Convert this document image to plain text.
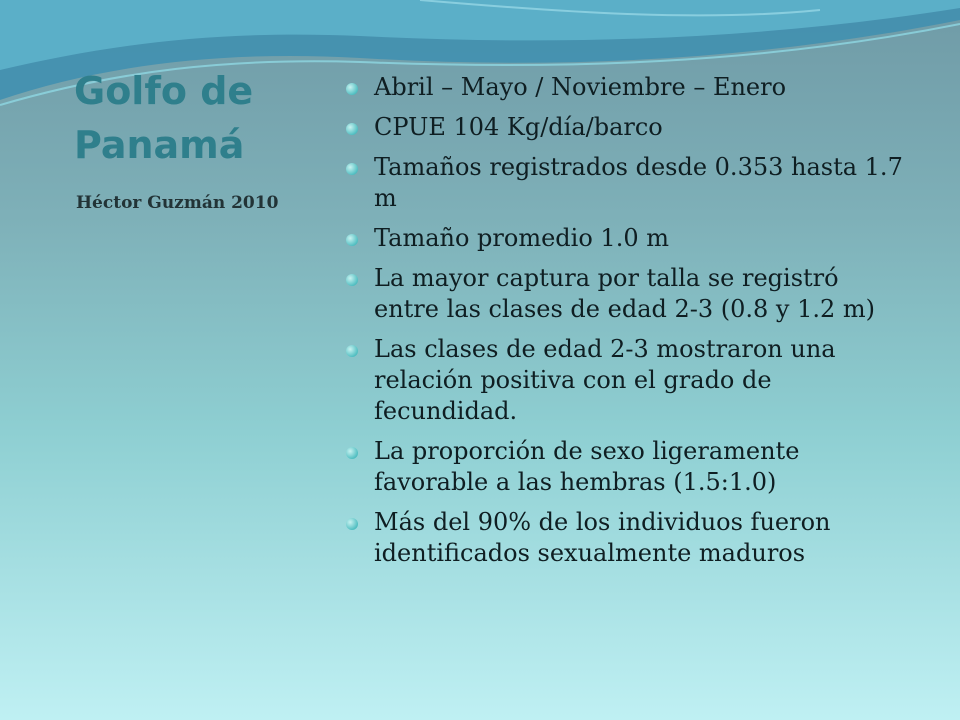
Golfo de Panamá
Héctor Guzmán 2010
Abril – Mayo / Noviembre – Enero
CPUE 104 Kg/día/barco
Tamaños registrados desde 0.353 hasta 1.7 m
Tamaño promedio 1.0 m
La mayor captura por talla se registró entre las clases de edad 2-3 (0.8 y 1.2 m)
Las clases de edad 2-3 mostraron una relación positiva con el grado de fecundidad.
La proporción de sexo ligeramente favorable a las hembras (1.5:1.0)
Más del 90% de los individuos fueron identificados sexualmente maduros
